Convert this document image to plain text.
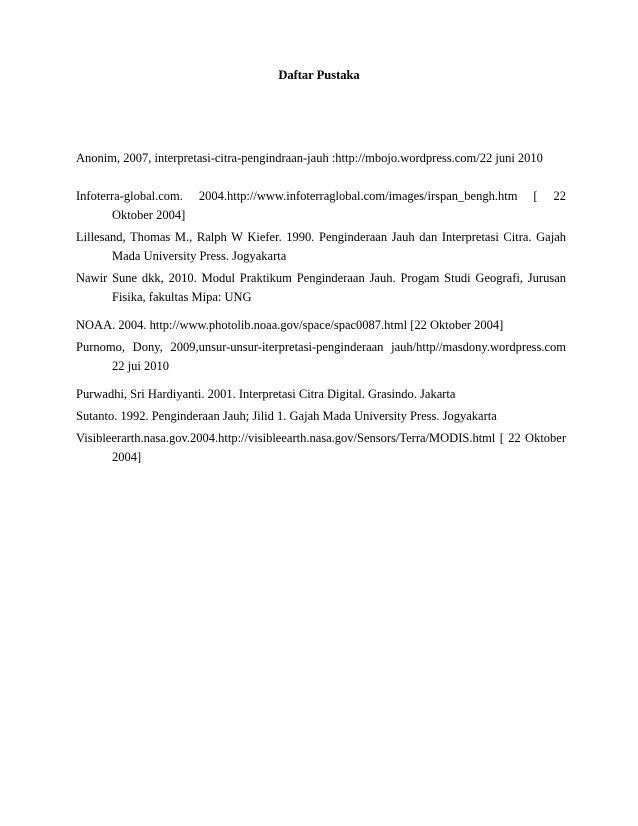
Daftar Pustaka

Anonim, 2007, interpretasi-citra-pengindraan-jauh :http://mbojo.wordpress.com/22 juni 2010

Infoterra-global.com. 2004.http://www.infoterraglobal.com/images/irspan_bengh.htm [ 22 Oktober 2004]

Lillesand, Thomas M., Ralph W Kiefer. 1990. Penginderaan Jauh dan Interpretasi Citra. Gajah Mada University Press. Jogyakarta

Nawir Sune dkk, 2010. Modul Praktikum Penginderaan Jauh. Progam Studi Geografi, Jurusan Fisika, fakultas Mipa: UNG

NOAA. 2004. http://www.photolib.noaa.gov/space/spac0087.html [22 Oktober 2004]

Purnomo, Dony, 2009,unsur-unsur-iterpretasi-penginderaan jauh/http//masdony.wordpress.com 22 jui 2010

Purwadhi, Sri Hardiyanti. 2001. Interpretasi Citra Digital. Grasindo. Jakarta

Sutanto. 1992. Penginderaan Jauh; Jilid 1. Gajah Mada University Press. Jogyakarta

Visibleerarth.nasa.gov.2004.http://visibleearth.nasa.gov/Sensors/Terra/MODIS.html [ 22 Oktober 2004]
